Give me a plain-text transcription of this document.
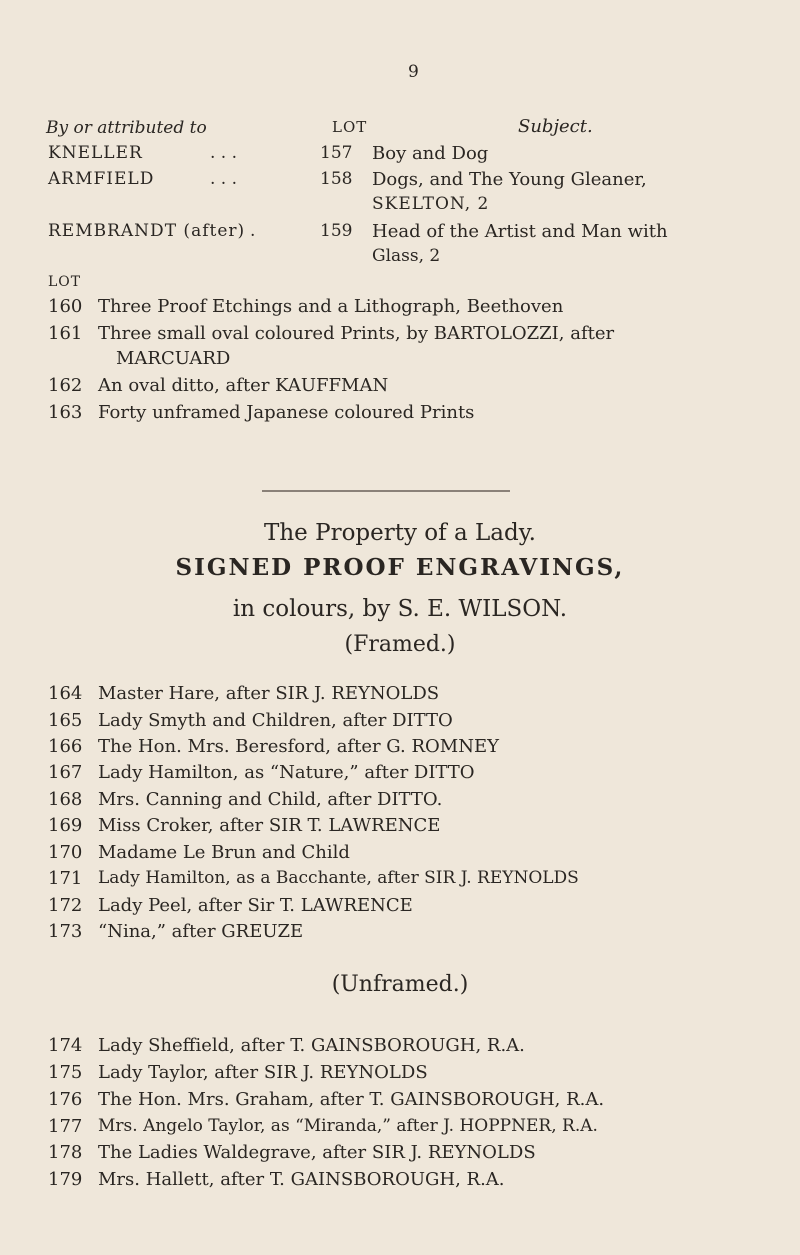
9
By or attributed to	LOT	Subject.
KNELLER	. . .	157 Boy and Dog
ARMFIELD	. . .	158 Dogs, and The Young Gleaner,
SKELTON, 2
REMBRANDT (after) .	159 Head of the Artist and Man with
Glass, 2
LOT
160 Three Proof Etchings and a Lithograph, Beethoven
161 Three small oval coloured Prints, by BARTOLOZZI, after
MARCUARD
162 An oval ditto, after KAUFFMAN
163 Forty unframed Japanese coloured Prints
The Property of a Lady.
SIGNED PROOF ENGRAVINGS,
in colours, by S. E. WILSON.
(Framed.)
164 Master Hare, after SIR J. REYNOLDS
165 Lady Smyth and Children, after DITTO
166 The Hon. Mrs. Beresford, after G. ROMNEY
167 Lady Hamilton, as “Nature,” after DITTO
168 Mrs. Canning and Child, after DITTO.
169 Miss Croker, after SIR T. LAWRENCE
170 Madame Le Brun and Child
171 Lady Hamilton, as a Bacchante, after SIR J. REYNOLDS
172 Lady Peel, after Sir T. LAWRENCE
173 “Nina,” after GREUZE
(Unframed.)
174 Lady Sheffield, after T. GAINSBOROUGH, R.A.
175 Lady Taylor, after SIR J. REYNOLDS
176 The Hon. Mrs. Graham, after T. GAINSBOROUGH, R.A.
177 Mrs. Angelo Taylor, as “Miranda,” after J. HOPPNER, R.A.
178 The Ladies Waldegrave, after SIR J. REYNOLDS
179 Mrs. Hallett, after T. GAINSBOROUGH, R.A.
